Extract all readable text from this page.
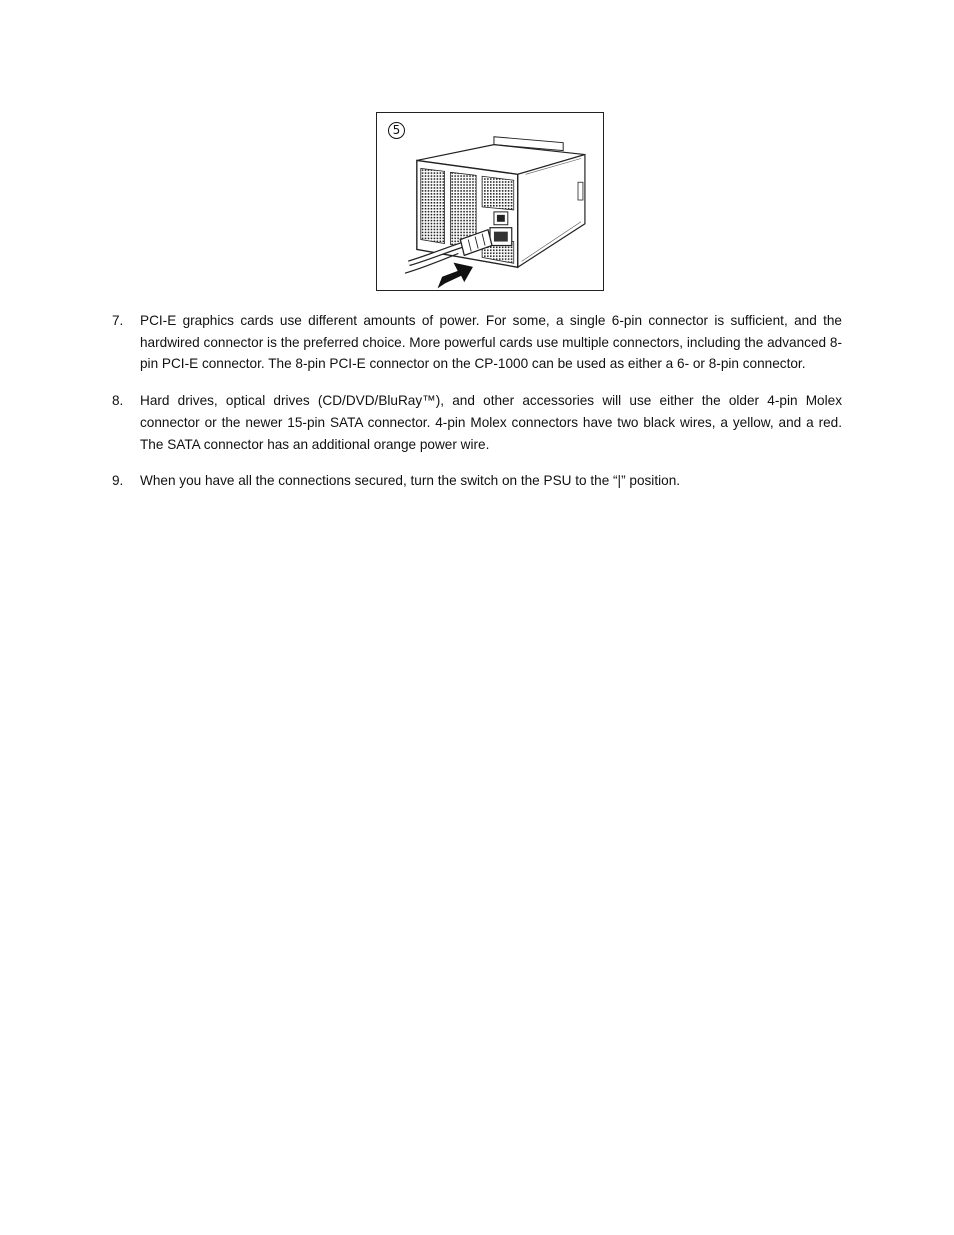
5
7. PCI-E graphics cards use different amounts of power. For some, a single 6-pin connector is sufficient, and the hardwired connector is the preferred choice. More powerful cards use multiple connectors, including the advanced 8-pin PCI-E connector. The 8-pin PCI-E connector on the CP-1000 can be used as either a 6- or 8-pin connector.
8. Hard drives, optical drives (CD/DVD/BluRay™), and other accessories will use either the older 4-pin Molex connector or the newer 15-pin SATA connector. 4-pin Molex connectors have two black wires, a yellow, and a red. The SATA connector has an additional orange power wire.
9. When you have all the connections secured, turn the switch on the PSU to the “|” position.
